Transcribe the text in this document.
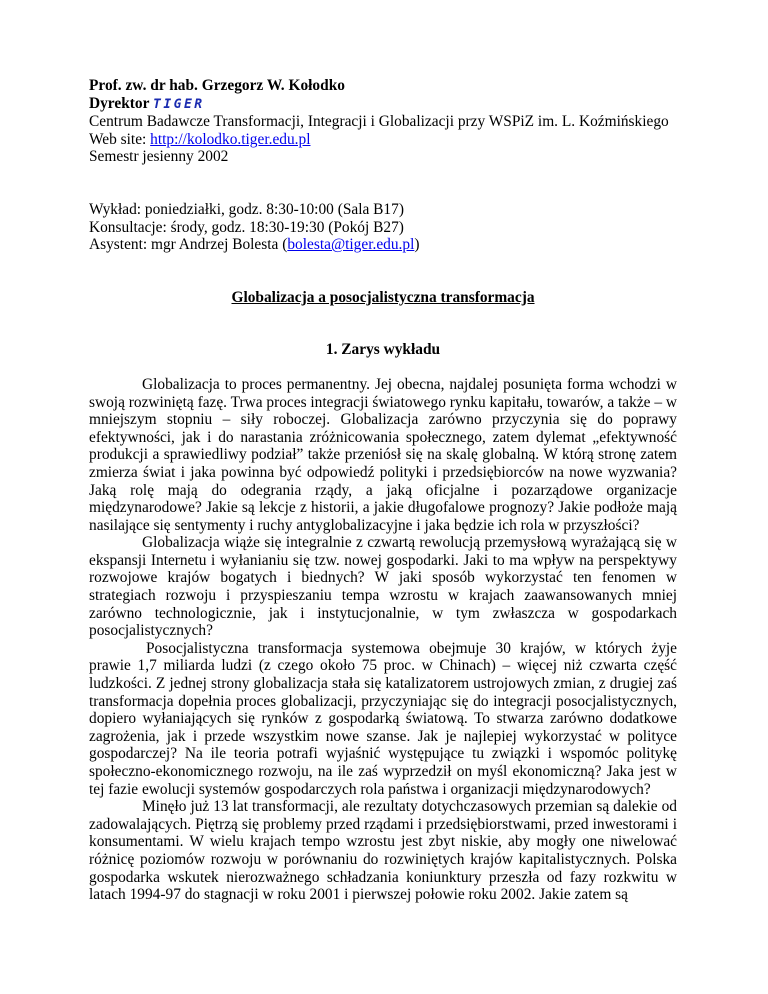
Prof. zw. dr hab. Grzegorz W. Kołodko
Dyrektor TIGER
Centrum Badawcze Transformacji, Integracji i Globalizacji przy WSPiZ im. L. Koźmińskiego
Web site: http://kolodko.tiger.edu.pl
Semestr jesienny 2002
Wykład: poniedziałki, godz. 8:30-10:00 (Sala B17)
Konsultacje: środy, godz. 18:30-19:30 (Pokój B27)
Asystent: mgr Andrzej Bolesta (bolesta@tiger.edu.pl)
Globalizacja a posocjalistyczna transformacja
1. Zarys wykładu

Globalizacja to proces permanentny. Jej obecna, najdalej posunięta forma wchodzi w swoją rozwiniętą fazę. Trwa proces integracji światowego rynku kapitału, towarów, a także – w mniejszym stopniu – siły roboczej. Globalizacja zarówno przyczynia się do poprawy efektywności, jak i do narastania zróżnicowania społecznego, zatem dylemat „efektywność produkcji a sprawiedliwy podział” także przeniósł się na skalę globalną. W którą stronę zatem zmierza świat i jaka powinna być odpowiedź polityki i przedsiębiorców na nowe wyzwania? Jaką rolę mają do odegrania rządy, a jaką oficjalne i pozarządowe organizacje międzynarodowe? Jakie są lekcje z historii, a jakie długofalowe prognozy? Jakie podłoże mają nasilające się sentymenty i ruchy antyglobalizacyjne i jaka będzie ich rola w przyszłości?

Globalizacja wiąże się integralnie z czwartą rewolucją przemysłową wyrażającą się w ekspansji Internetu i wyłanianiu się tzw. nowej gospodarki. Jaki to ma wpływ na perspektywy rozwojowe krajów bogatych i biednych? W jaki sposób wykorzystać ten fenomen w strategiach rozwoju i przyspieszaniu tempa wzrostu w krajach zaawansowanych mniej zarówno technologicznie, jak i instytucjonalnie, w tym zwłaszcza w gospodarkach posocjalistycznych?

Posocjalistyczna transformacja systemowa obejmuje 30 krajów, w których żyje prawie 1,7 miliarda ludzi (z czego około 75 proc. w Chinach) – więcej niż czwarta część ludzkości. Z jednej strony globalizacja stała się katalizatorem ustrojowych zmian, z drugiej zaś transformacja dopełnia proces globalizacji, przyczyniając się do integracji posocjalistycznych, dopiero wyłaniających się rynków z gospodarką światową. To stwarza zarówno dodatkowe zagrożenia, jak i przede wszystkim nowe szanse. Jak je najlepiej wykorzystać w polityce gospodarczej? Na ile teoria potrafi wyjaśnić występujące tu związki i wspomóc politykę społeczno-ekonomicznego rozwoju, na ile zaś wyprzedził on myśl ekonomiczną? Jaka jest w tej fazie ewolucji systemów gospodarczych rola państwa i organizacji międzynarodowych?

Minęło już 13 lat transformacji, ale rezultaty dotychczasowych przemian są dalekie od zadowalających. Piętrzą się problemy przed rządami i przedsiębiorstwami, przed inwestorami i konsumentami. W wielu krajach tempo wzrostu jest zbyt niskie, aby mogły one niwelować różnicę poziomów rozwoju w porównaniu do rozwiniętych krajów kapitalistycznych. Polska gospodarka wskutek nierozważnego schładzania koniunktury przeszła od fazy rozkwitu w latach 1994-97 do stagnacji w roku 2001 i pierwszej połowie roku 2002. Jakie zatem są
